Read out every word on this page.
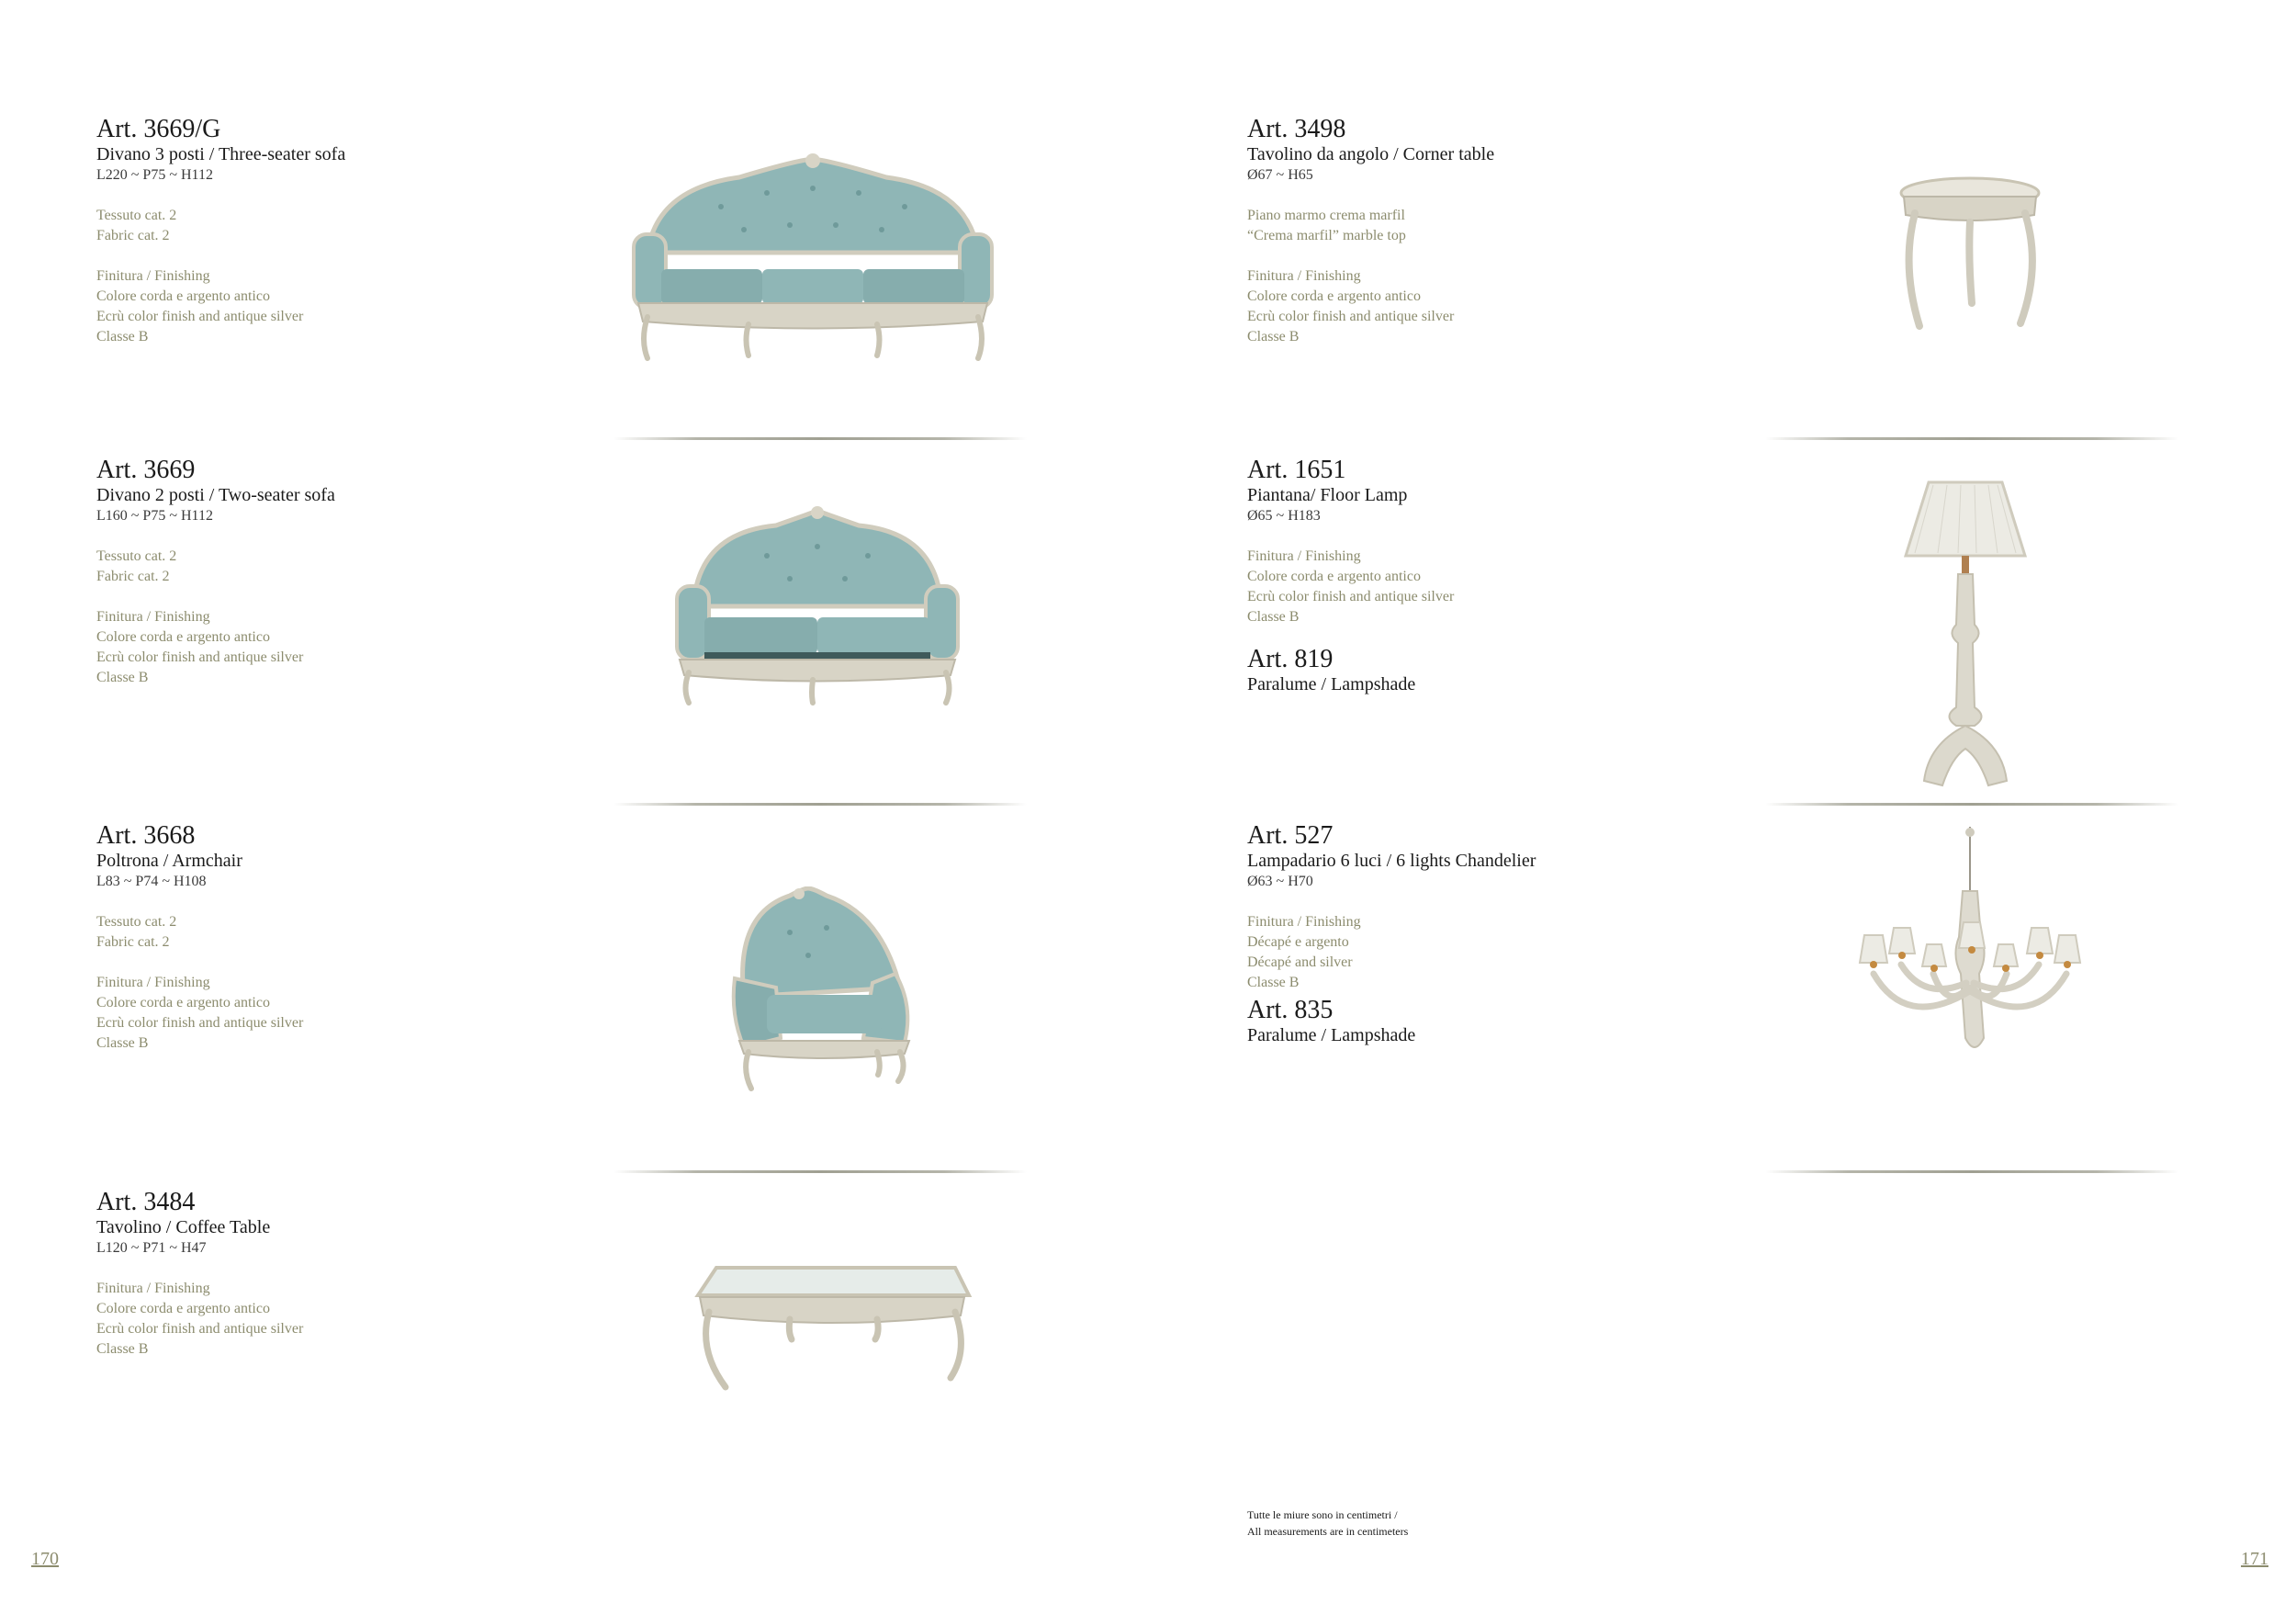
Art. 3669/G
Divano 3 posti / Three-seater sofa
L220 ~ P75 ~ H112
Tessuto cat. 2
Fabric cat. 2
Finitura / Finishing
Colore corda e argento antico
Ecrù color finish and antique silver
Classe B
Art. 3669
Divano 2 posti / Two-seater sofa
L160 ~ P75 ~ H112
Tessuto cat. 2
Fabric cat. 2
Finitura / Finishing
Colore corda e argento antico
Ecrù color finish and antique silver
Classe B
Art. 3668
Poltrona / Armchair
L83 ~ P74 ~ H108
Tessuto cat. 2
Fabric cat. 2
Finitura / Finishing
Colore corda e argento antico
Ecrù color finish and antique silver
Classe B
Art. 3484
Tavolino / Coffee Table
L120 ~ P71 ~ H47
Finitura / Finishing
Colore corda e argento antico
Ecrù color finish and antique silver
Classe B
170
Art. 3498
Tavolino da angolo / Corner table
Ø67 ~ H65
Piano marmo crema marfil
“Crema marfil” marble top
Finitura / Finishing
Colore corda e argento antico
Ecrù color finish and antique silver
Classe B
Art. 1651
Piantana/ Floor Lamp
Ø65 ~ H183
Finitura / Finishing
Colore corda e argento antico
Ecrù color finish and antique silver
Classe B
Art. 819
Paralume / Lampshade
Art. 527
Lampadario 6 luci / 6 lights Chandelier
Ø63 ~ H70
Finitura / Finishing
Décapé e argento
Décapé and silver
Classe B
Art. 835
Paralume / Lampshade
Tutte le miure sono in centimetri /
All measurements are in centimeters
171
